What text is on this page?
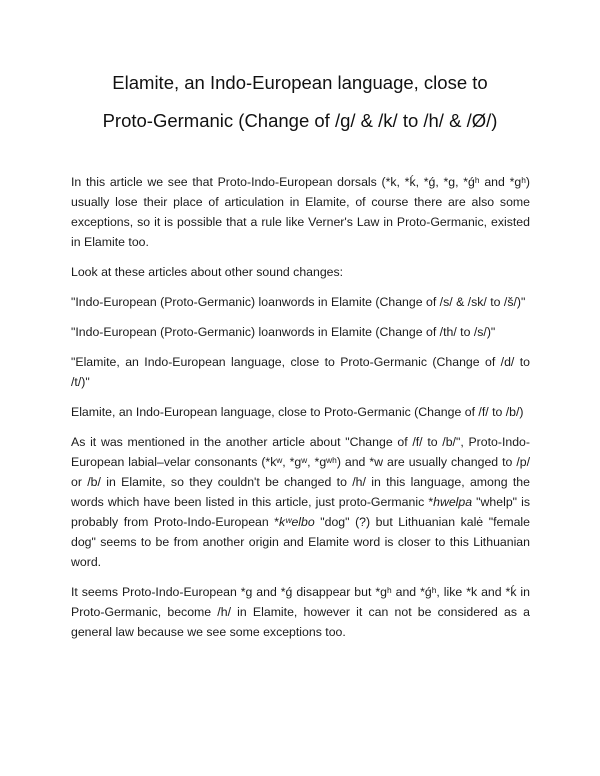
Elamite, an Indo-European language, close to
Proto-Germanic (Change of /g/ & /k/ to /h/ & /Ø/)

In this article we see that Proto-Indo-European dorsals (*k, *ḱ, *ǵ, *g, *ǵʰ and *gʰ) usually lose their place of articulation in Elamite, of course there are also some exceptions, so it is possible that a rule like Verner's Law in Proto-Germanic, existed in Elamite too.

Look at these articles about other sound changes:

"Indo-European (Proto-Germanic) loanwords in Elamite (Change of /s/ & /sk/ to /š/)"

"Indo-European (Proto-Germanic) loanwords in Elamite (Change of /th/ to /s/)"

"Elamite, an Indo-European language, close to Proto-Germanic (Change of /d/ to /t/)"

Elamite, an Indo-European language, close to Proto-Germanic (Change of /f/ to /b/)

As it was mentioned in the another article about "Change of /f/ to /b/", Proto-Indo-European labial–velar consonants (*kʷ, *gʷ, *gʷʰ) and *w are usually changed to /p/ or /b/ in Elamite, so they couldn't be changed to /h/ in this language, among the words which have been listed in this article, just proto-Germanic *hwelpa "whelp" is probably from Proto-Indo-European *kʷelbo "dog" (?) but Lithuanian kalė "female dog" seems to be from another origin and Elamite word is closer to this Lithuanian word.

It seems Proto-Indo-European *g and *ǵ disappear but *gʰ and *ǵʰ, like *k and *ḱ in Proto-Germanic, become /h/ in Elamite, however it can not be considered as a general law because we see some exceptions too.
